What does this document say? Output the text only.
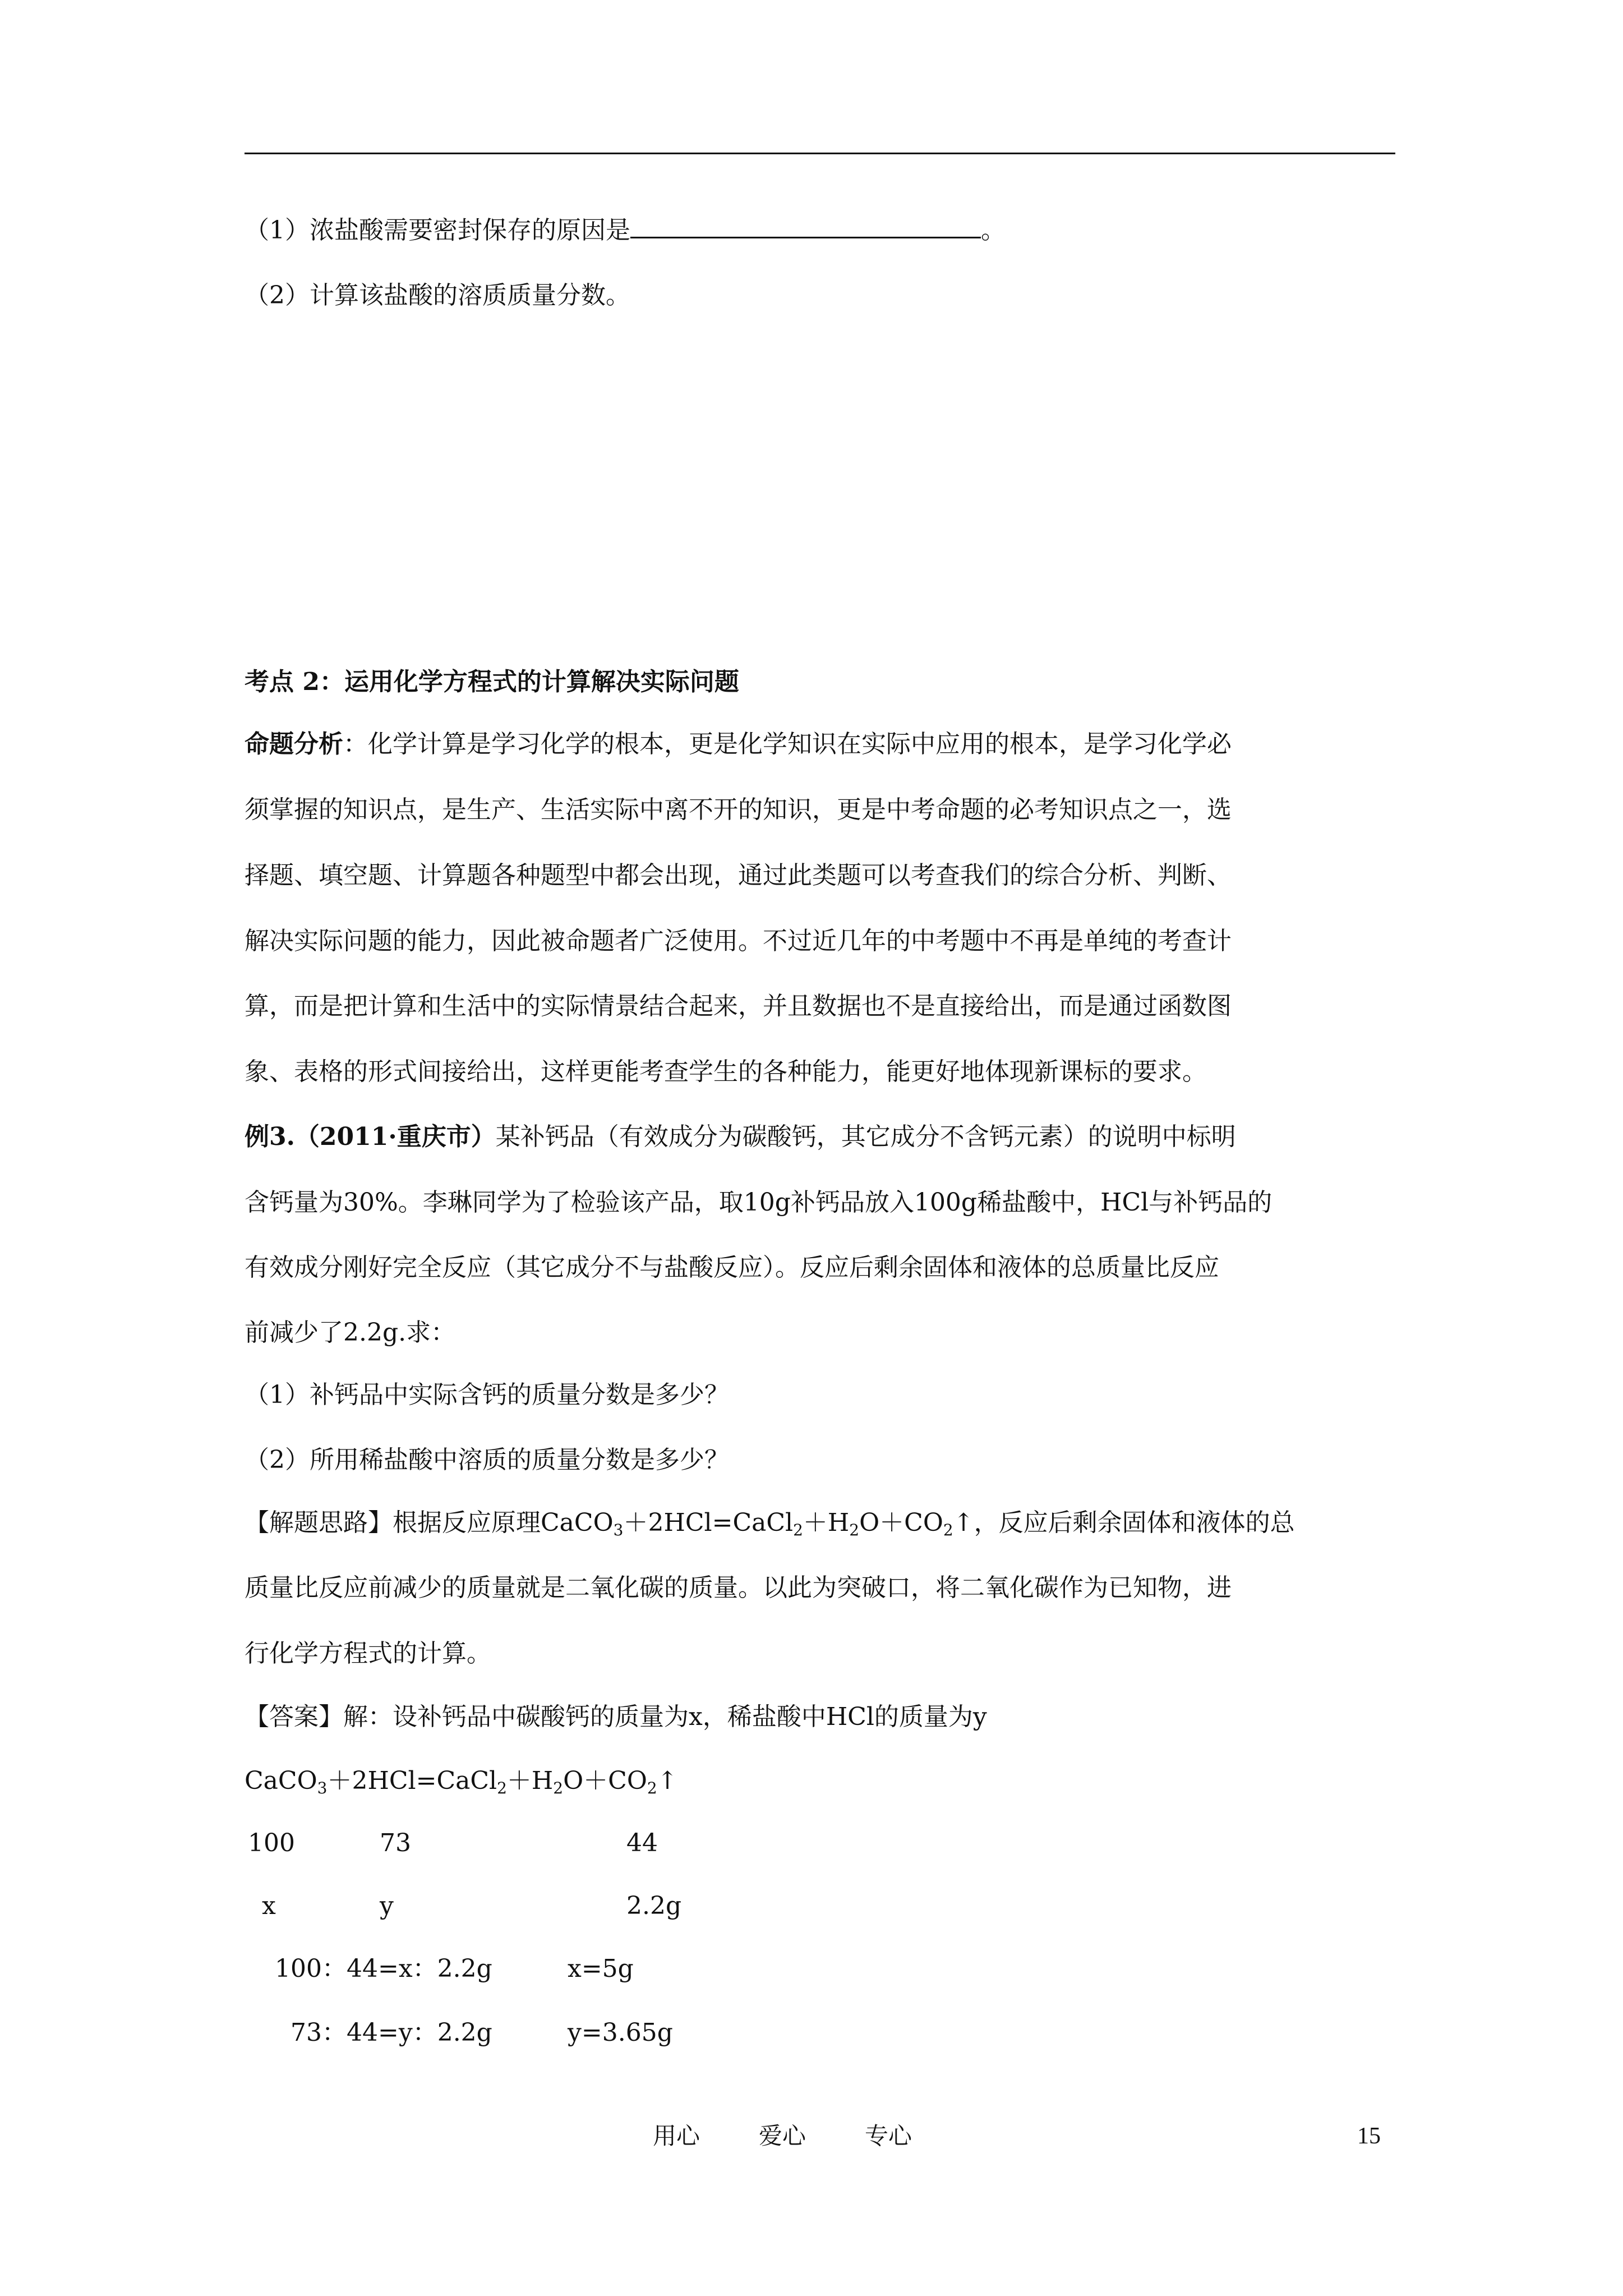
（1）浓盐酸需要密封保存的原因是	。
（2）计算该盐酸的溶质质量分数。
考点 2：运用化学方程式的计算解决实际问题
命题分析：化学计算是学习化学的根本，更是化学知识在实际中应用的根本，是学习化学必
须掌握的知识点，是生产、生活实际中离不开的知识，更是中考命题的必考知识点之一，选
择题、填空题、计算题各种题型中都会出现，通过此类题可以考查我们的综合分析、判断、
解决实际问题的能力，因此被命题者广泛使用。不过近几年的中考题中不再是单纯的考查计
算，而是把计算和生活中的实际情景结合起来，并且数据也不是直接给出，而是通过函数图
象、表格的形式间接给出，这样更能考查学生的各种能力，能更好地体现新课标的要求。
例3.（2011·重庆市）某补钙品（有效成分为碳酸钙，其它成分不含钙元素）的说明中标明
含钙量为30%。李琳同学为了检验该产品，取10g补钙品放入100g稀盐酸中，HCl与补钙品的
有效成分刚好完全反应（其它成分不与盐酸反应）。反应后剩余固体和液体的总质量比反应
前减少了2.2g.求：
（1）补钙品中实际含钙的质量分数是多少？
（2）所用稀盐酸中溶质的质量分数是多少？
【解题思路】根据反应原理$CaCO_3+2HCl=CaCl_2+H_2O+CO_2↑$，反应后剩余固体和液体的总
质量比反应前减少的质量就是二氧化碳的质量。以此为突破口，将二氧化碳作为已知物，进
行化学方程式的计算。
【答案】解：设补钙品中碳酸钙的质量为x，稀盐酸中HCl的质量为y
$CaCO_3+2HCl=CaCl_2+H_2O+CO_2↑$
100	73	44
x	y	2.2g
100：44=x：2.2g	x=5g
73：44=y：2.2g	y=3.65g
用心	爱心	专心	15
